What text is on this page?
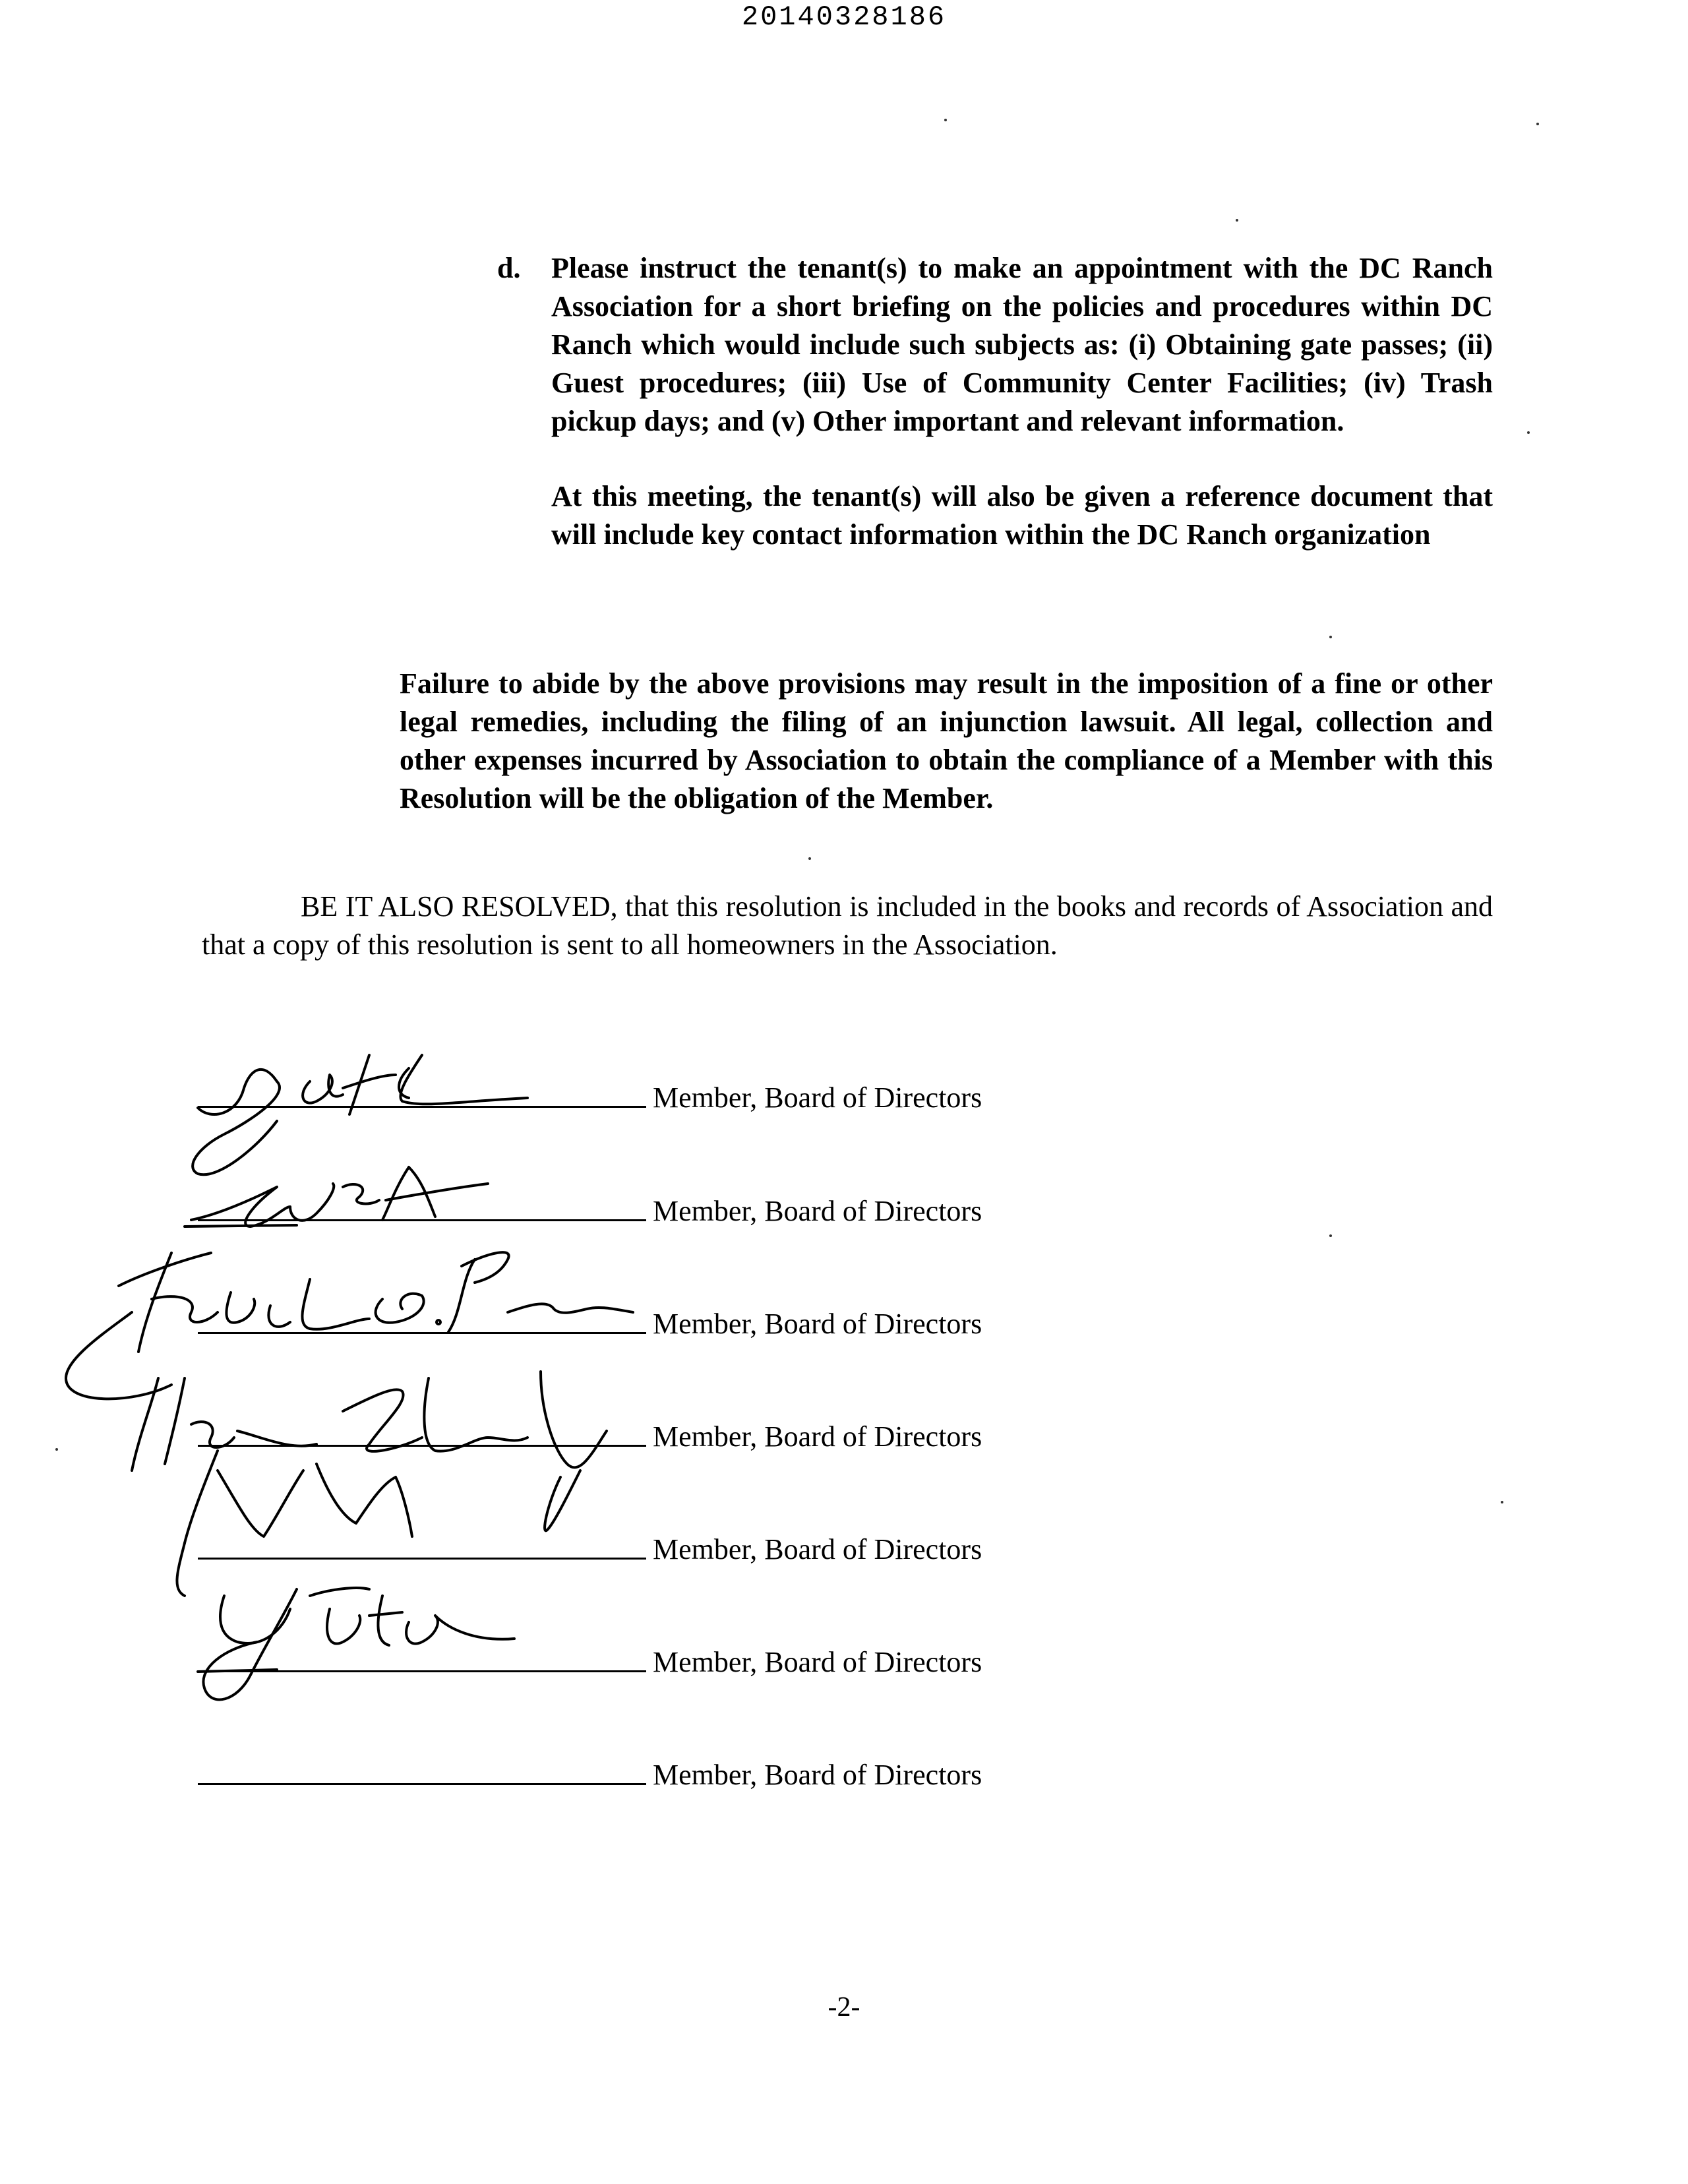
20140328186
d. Please instruct the tenant(s) to make an appointment with the DC Ranch Association for a short briefing on the policies and procedures within DC Ranch which would include such subjects as: (i) Obtaining gate passes; (ii) Guest procedures; (iii) Use of Community Center Facilities; (iv) Trash pickup days; and (v) Other important and relevant information.
At this meeting, the tenant(s) will also be given a reference document that will include key contact information within the DC Ranch organization
Failure to abide by the above provisions may result in the imposition of a fine or other legal remedies, including the filing of an injunction lawsuit. All legal, collection and other expenses incurred by Association to obtain the compliance of a Member with this Resolution will be the obligation of the Member.
BE IT ALSO RESOLVED, that this resolution is included in the books and records of Association and that a copy of this resolution is sent to all homeowners in the Association.
Member, Board of Directors
Member, Board of Directors
Member, Board of Directors
Member, Board of Directors
Member, Board of Directors
Member, Board of Directors
Member, Board of Directors
-2-
